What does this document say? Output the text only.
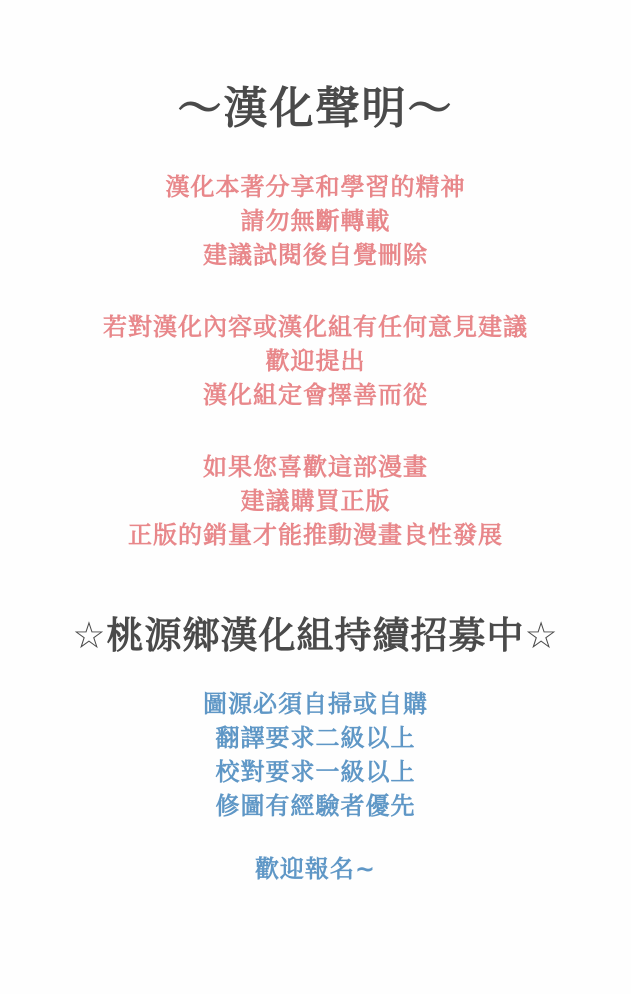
～漢化聲明～
漢化本著分享和學習的精神
請勿無斷轉載
建議試閱後自覺刪除
若對漢化內容或漢化組有任何意見建議
歡迎提出
漢化組定會擇善而從
如果您喜歡這部漫畫
建議購買正版
正版的銷量才能推動漫畫良性發展
☆桃源鄉漢化組持續招募中☆
圖源必須自掃或自購
翻譯要求二級以上
校對要求一級以上
修圖有經驗者優先
歡迎報名~
